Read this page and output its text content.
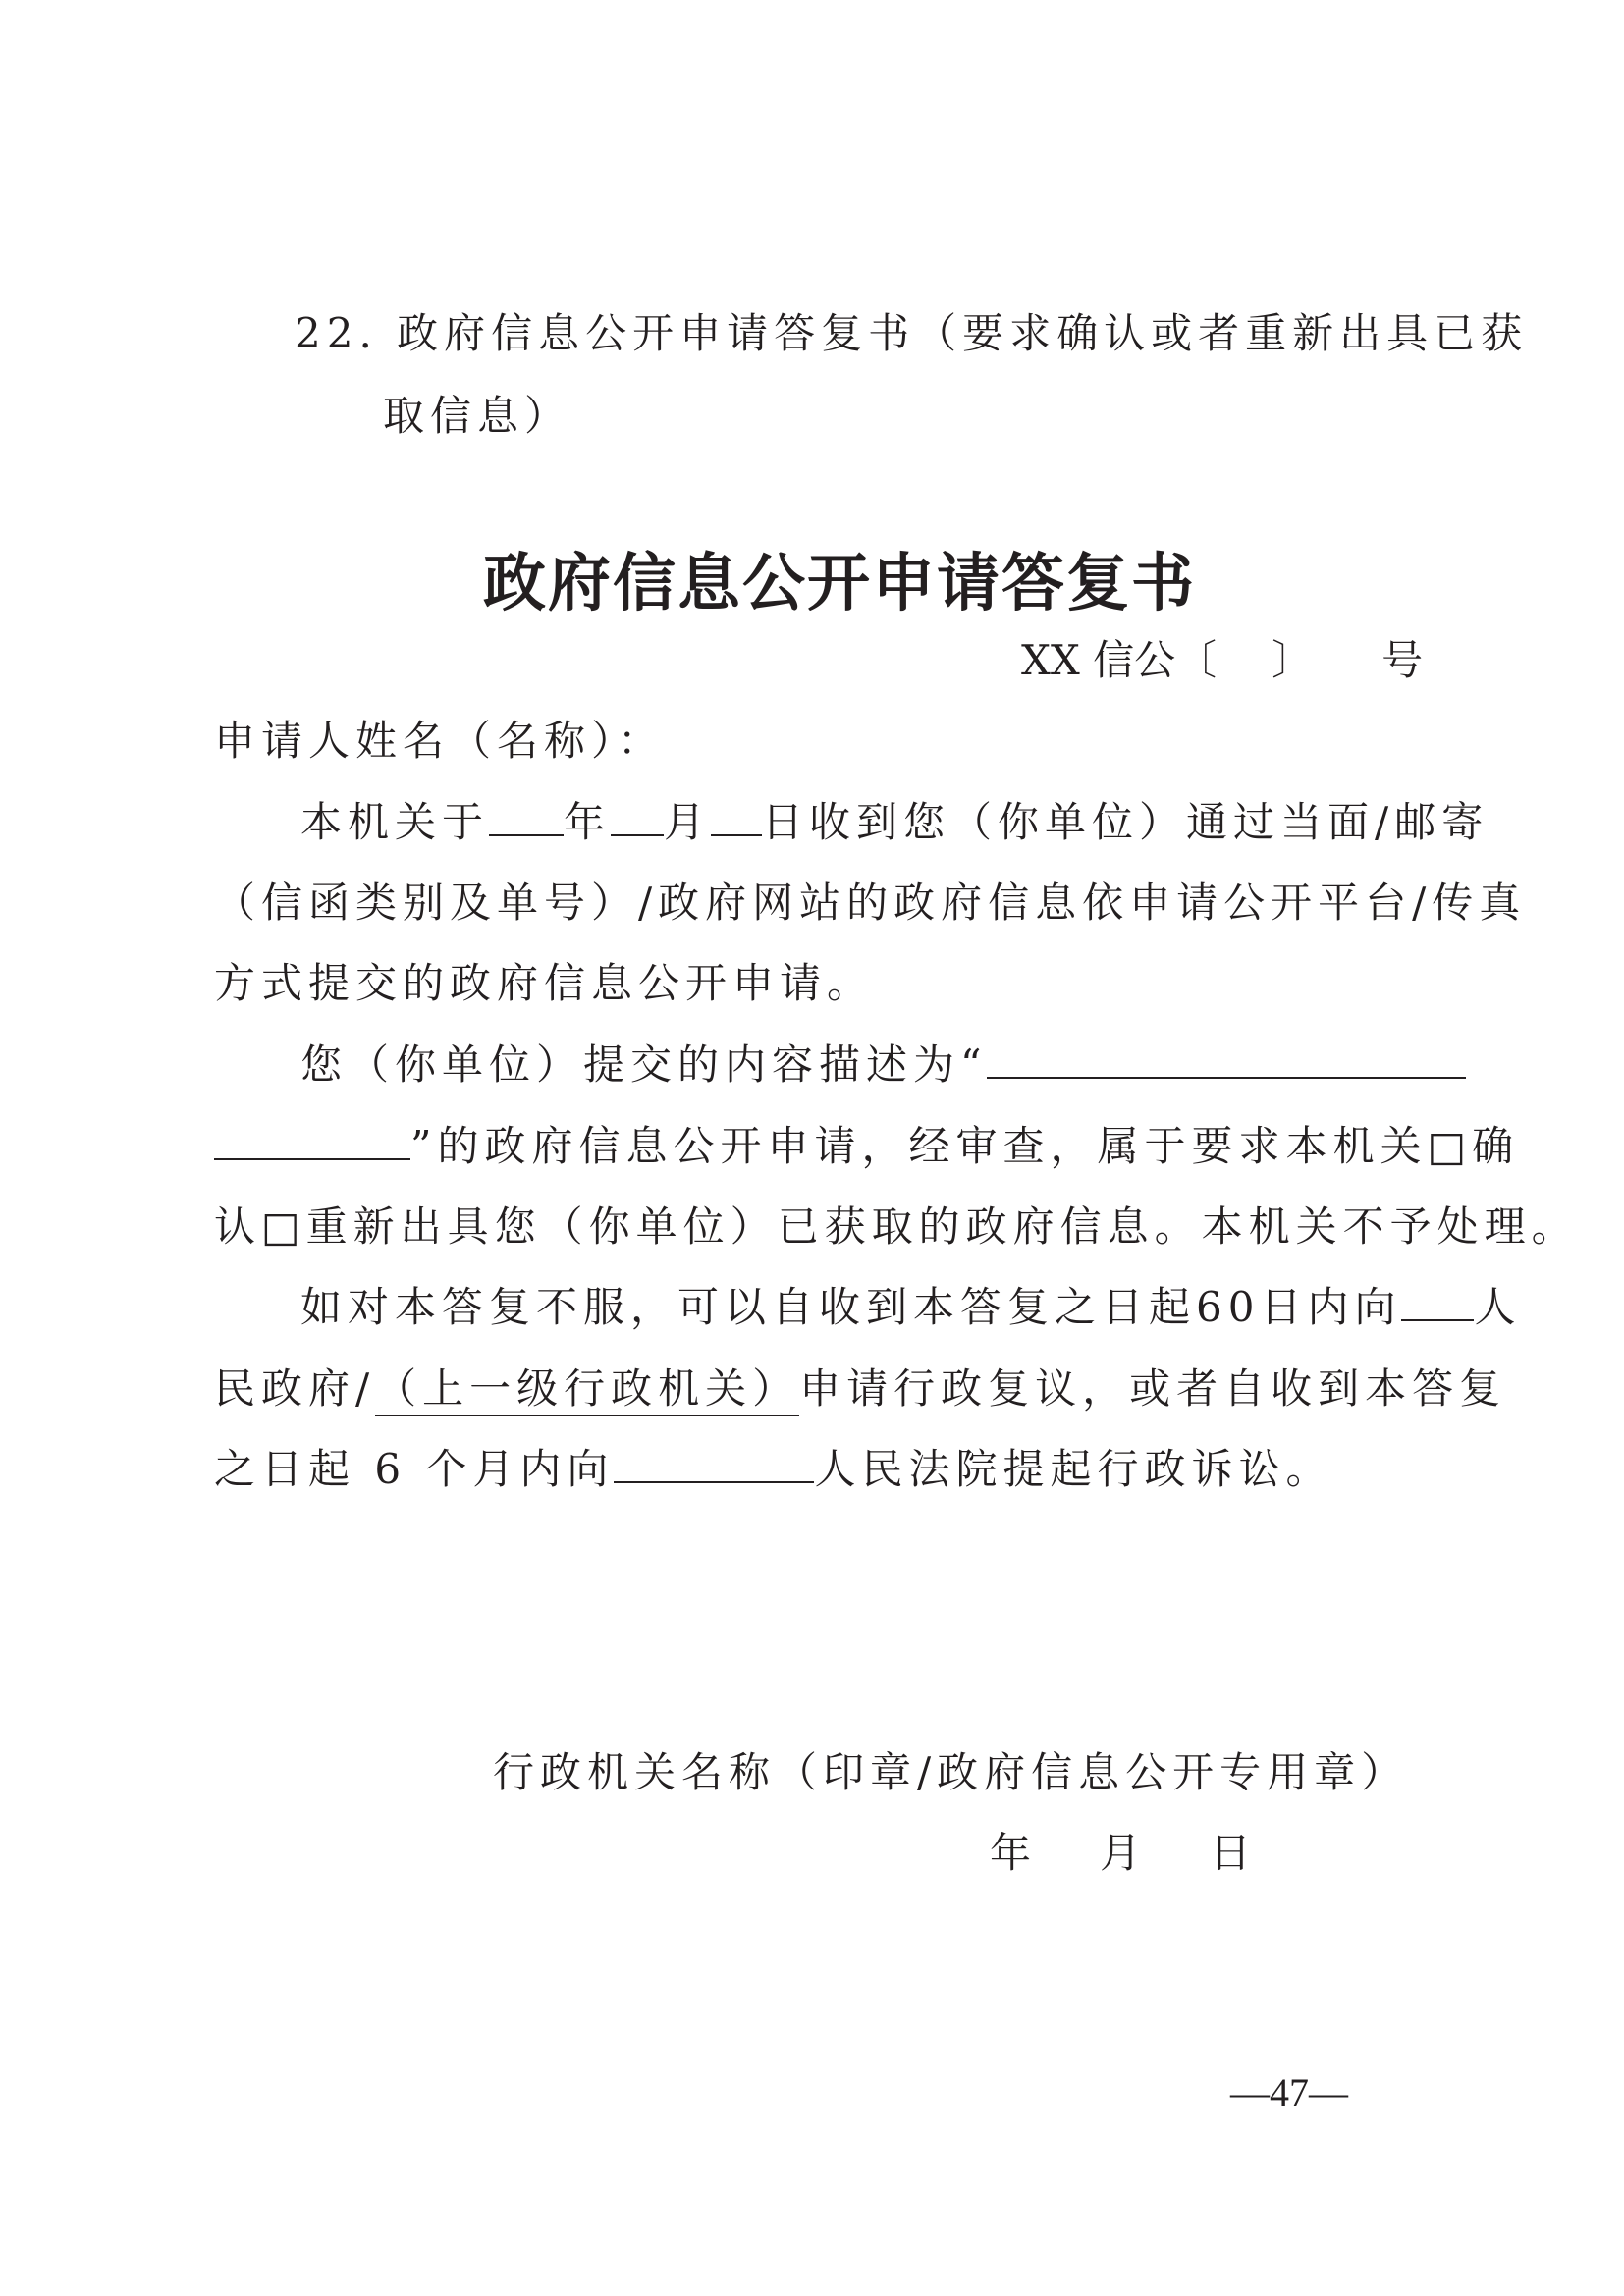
22. 政府信息公开申请答复书（要求确认或者重新出具已获
取信息）
政府信息公开申请答复书
XX 信公〔 〕 号
申请人姓名（名称）：
本机关于 年 月 日收到您（你单位）通过当面/邮寄
（信函类别及单号）/政府网站的政府信息依申请公开平台/传真
方式提交的政府信息公开申请。
您（你单位）提交的内容描述为“
”的政府信息公开申请，经审查，属于要求本机关□确
认□重新出具您（你单位）已获取的政府信息。本机关不予处理。
如对本答复不服，可以自收到本答复之日起60日内向 人
民政府/（上一级行政机关）申请行政复议，或者自收到本答复
之日起 6 个月内向	人民法院提起行政诉讼。
行政机关名称（印章/政府信息公开专用章）
年 月 日
—47—
